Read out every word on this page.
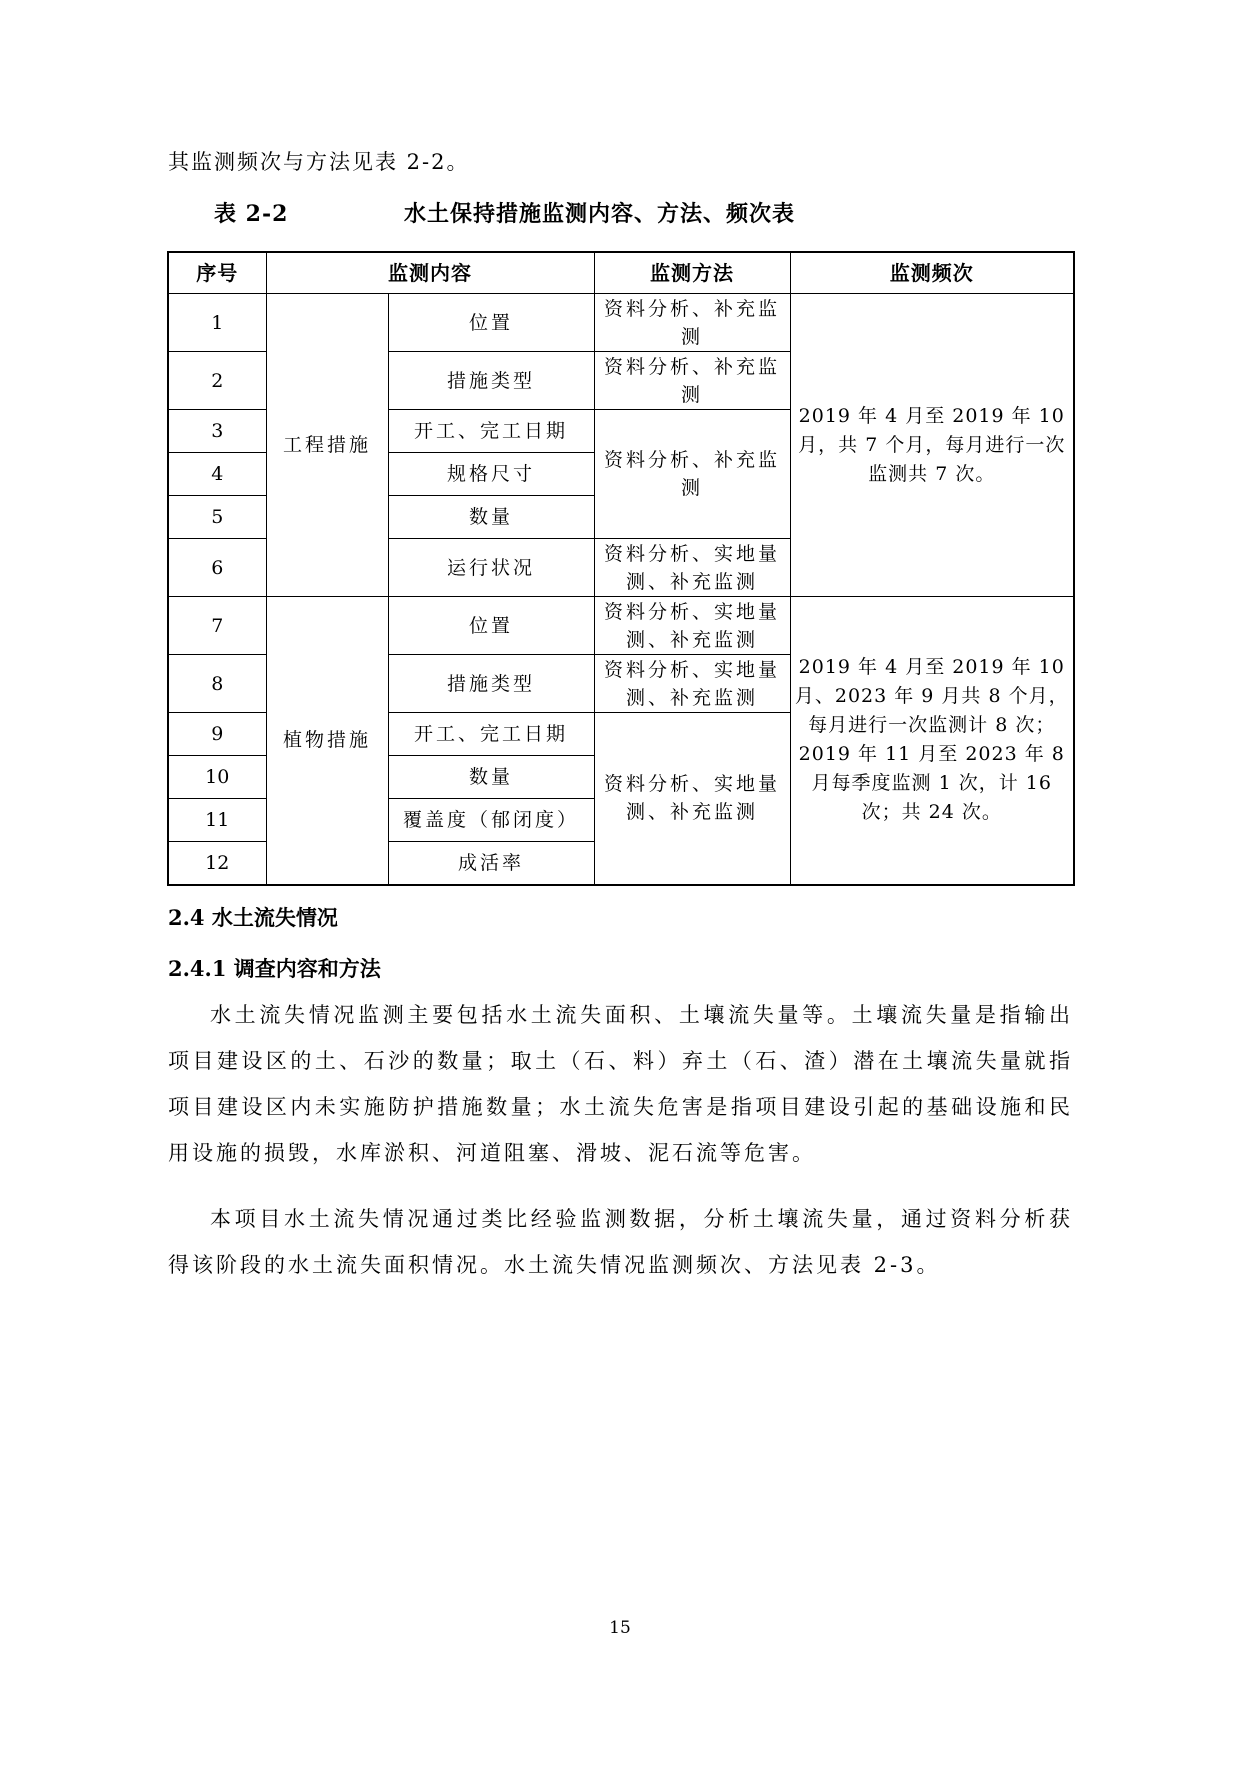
其监测频次与方法见表 2-2。
表 2-2	水土保持措施监测内容、方法、频次表
序号	监测内容		监测方法	监测频次
1	工程措施	位置	资料分析、补充监测	2019 年 4 月至 2019 年 10 月，共 7 个月，每月进行一次监测共 7 次。
2		措施类型	资料分析、补充监测	
3		开工、完工日期	资料分析、补充监测	
4		规格尺寸		
5		数量		
6		运行状况	资料分析、实地量测、补充监测	
7	植物措施	位置	资料分析、实地量测、补充监测	2019 年 4 月至 2019 年 10 月、2023 年 9 月共 8 个月，每月进行一次监测计 8 次；2019 年 11 月至 2023 年 8 月每季度监测 1 次，计 16 次；共 24 次。
8		措施类型	资料分析、实地量测、补充监测	
9		开工、完工日期	资料分析、实地量测、补充监测	
10		数量		
11		覆盖度（郁闭度）		
12		成活率		
2.4 水土流失情况
2.4.1 调查内容和方法
水土流失情况监测主要包括水土流失面积、土壤流失量等。土壤流失量是指输出项目建设区的土、石沙的数量；取土（石、料）弃土（石、渣）潜在土壤流失量就指项目建设区内未实施防护措施数量；水土流失危害是指项目建设引起的基础设施和民用设施的损毁，水库淤积、河道阻塞、滑坡、泥石流等危害。
本项目水土流失情况通过类比经验监测数据，分析土壤流失量，通过资料分析获得该阶段的水土流失面积情况。水土流失情况监测频次、方法见表 2-3。
15
